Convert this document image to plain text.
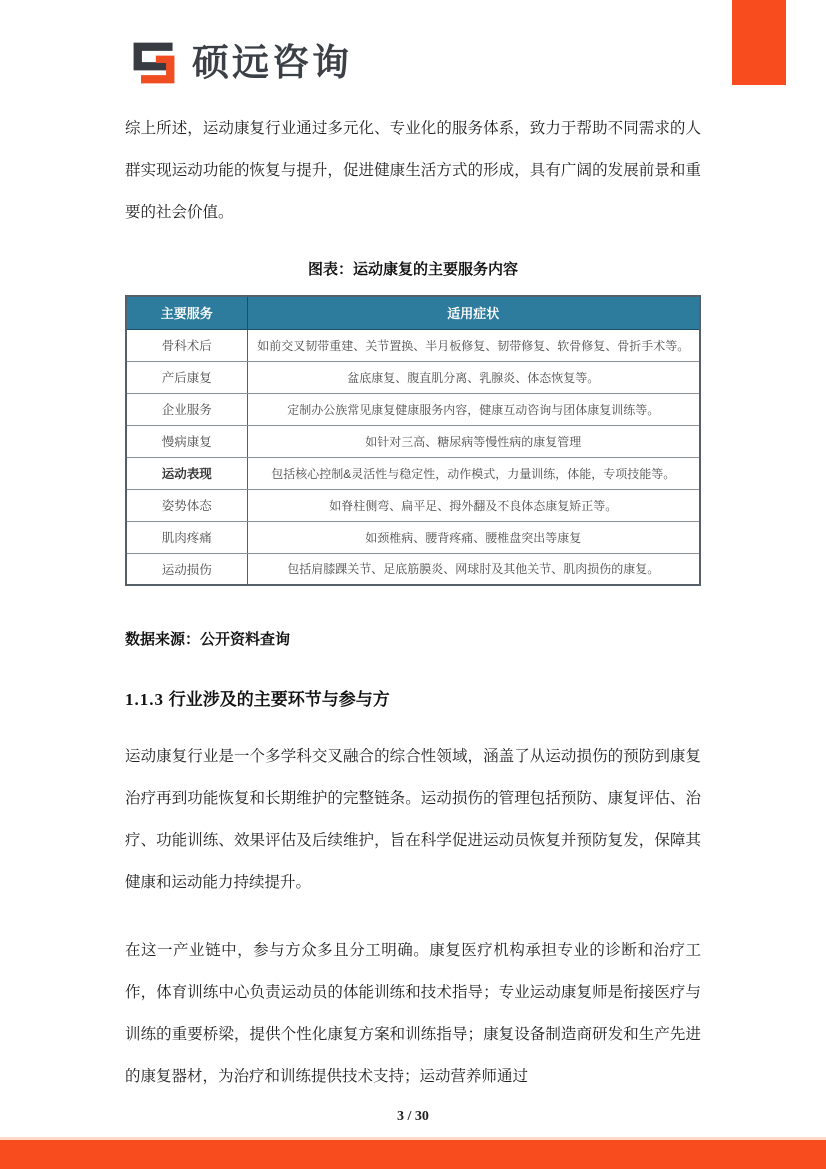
硕远咨询

综上所述，运动康复行业通过多元化、专业化的服务体系，致力于帮助不同需求的人群实现运动功能的恢复与提升，促进健康生活方式的形成，具有广阔的发展前景和重要的社会价值。

图表：运动康复的主要服务内容
主要服务	适用症状
骨科术后	如前交叉韧带重建、关节置换、半月板修复、韧带修复、软骨修复、骨折手术等。
产后康复	盆底康复、腹直肌分离、乳腺炎、体态恢复等。
企业服务	定制办公族常见康复健康服务内容，健康互动咨询与团体康复训练等。
慢病康复	如针对三高、糖尿病等慢性病的康复管理
运动表现	包括核心控制&灵活性与稳定性，动作模式，力量训练，体能，专项技能等。
姿势体态	如脊柱侧弯、扁平足、拇外翻及不良体态康复矫正等。
肌肉疼痛	如颈椎病、腰背疼痛、腰椎盘突出等康复
运动损伤	包括肩膝踝关节、足底筋膜炎、网球肘及其他关节、肌肉损伤的康复。
数据来源：公开资料查询
1.1.3 行业涉及的主要环节与参与方

运动康复行业是一个多学科交叉融合的综合性领域，涵盖了从运动损伤的预防到康复治疗再到功能恢复和长期维护的完整链条。运动损伤的管理包括预防、康复评估、治疗、功能训练、效果评估及后续维护，旨在科学促进运动员恢复并预防复发，保障其健康和运动能力持续提升。

在这一产业链中，参与方众多且分工明确。康复医疗机构承担专业的诊断和治疗工作，体育训练中心负责运动员的体能训练和技术指导；专业运动康复师是衔接医疗与训练的重要桥梁，提供个性化康复方案和训练指导；康复设备制造商研发和生产先进的康复器材，为治疗和训练提供技术支持；运动营养师通过

3 / 30
